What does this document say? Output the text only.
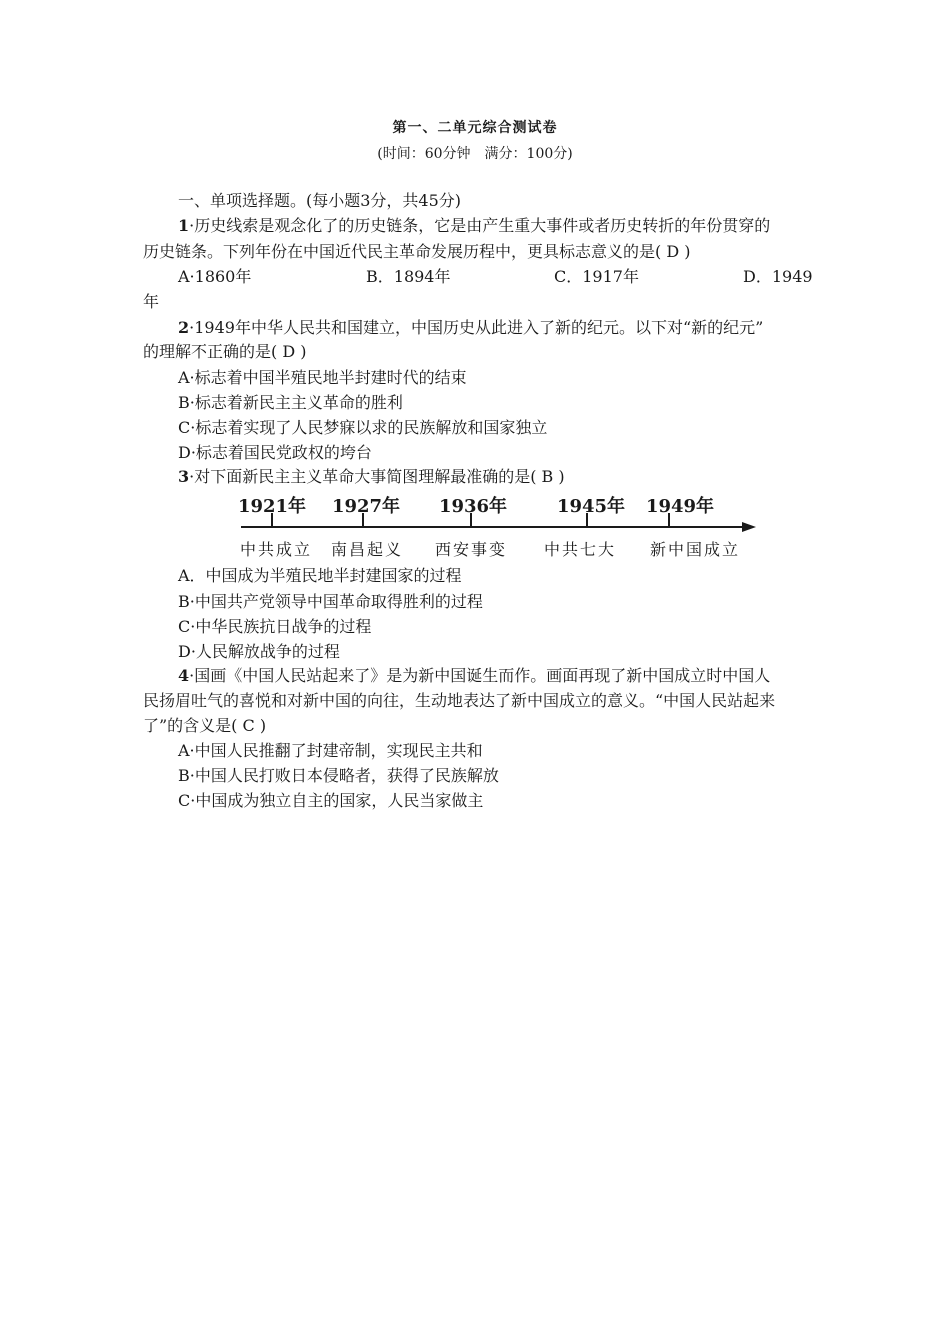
第一、二单元综合测试卷
(时间：60分钟　满分：100分)
一、单项选择题。(每小题3分，共45分)
1·历史线索是观念化了的历史链条，它是由产生重大事件或者历史转折的年份贯穿的
历史链条。下列年份在中国近代民主革命发展历程中，更具标志意义的是( D )
A·1860年	B．1894年	C．1917年	D．1949
年
2·1949年中华人民共和国建立，中国历史从此进入了新的纪元。以下对“新的纪元”
的理解不正确的是( D )
A·标志着中国半殖民地半封建时代的结束
B·标志着新民主主义革命的胜利
C·标志着实现了人民梦寐以求的民族解放和国家独立
D·标志着国民党政权的垮台
3·对下面新民主主义革命大事简图理解最准确的是( B )
1921年 1927年 1936年	1945年 1949年
中共成立 南昌起义 西安事变 中共七大 新中国成立
A．中国成为半殖民地半封建国家的过程
B·中国共产党领导中国革命取得胜利的过程
C·中华民族抗日战争的过程
D·人民解放战争的过程
4·国画《中国人民站起来了》是为新中国诞生而作。画面再现了新中国成立时中国人
民扬眉吐气的喜悦和对新中国的向往，生动地表达了新中国成立的意义。“中国人民站起来
了”的含义是( C )
A·中国人民推翻了封建帝制，实现民主共和
B·中国人民打败日本侵略者，获得了民族解放
C·中国成为独立自主的国家，人民当家做主
